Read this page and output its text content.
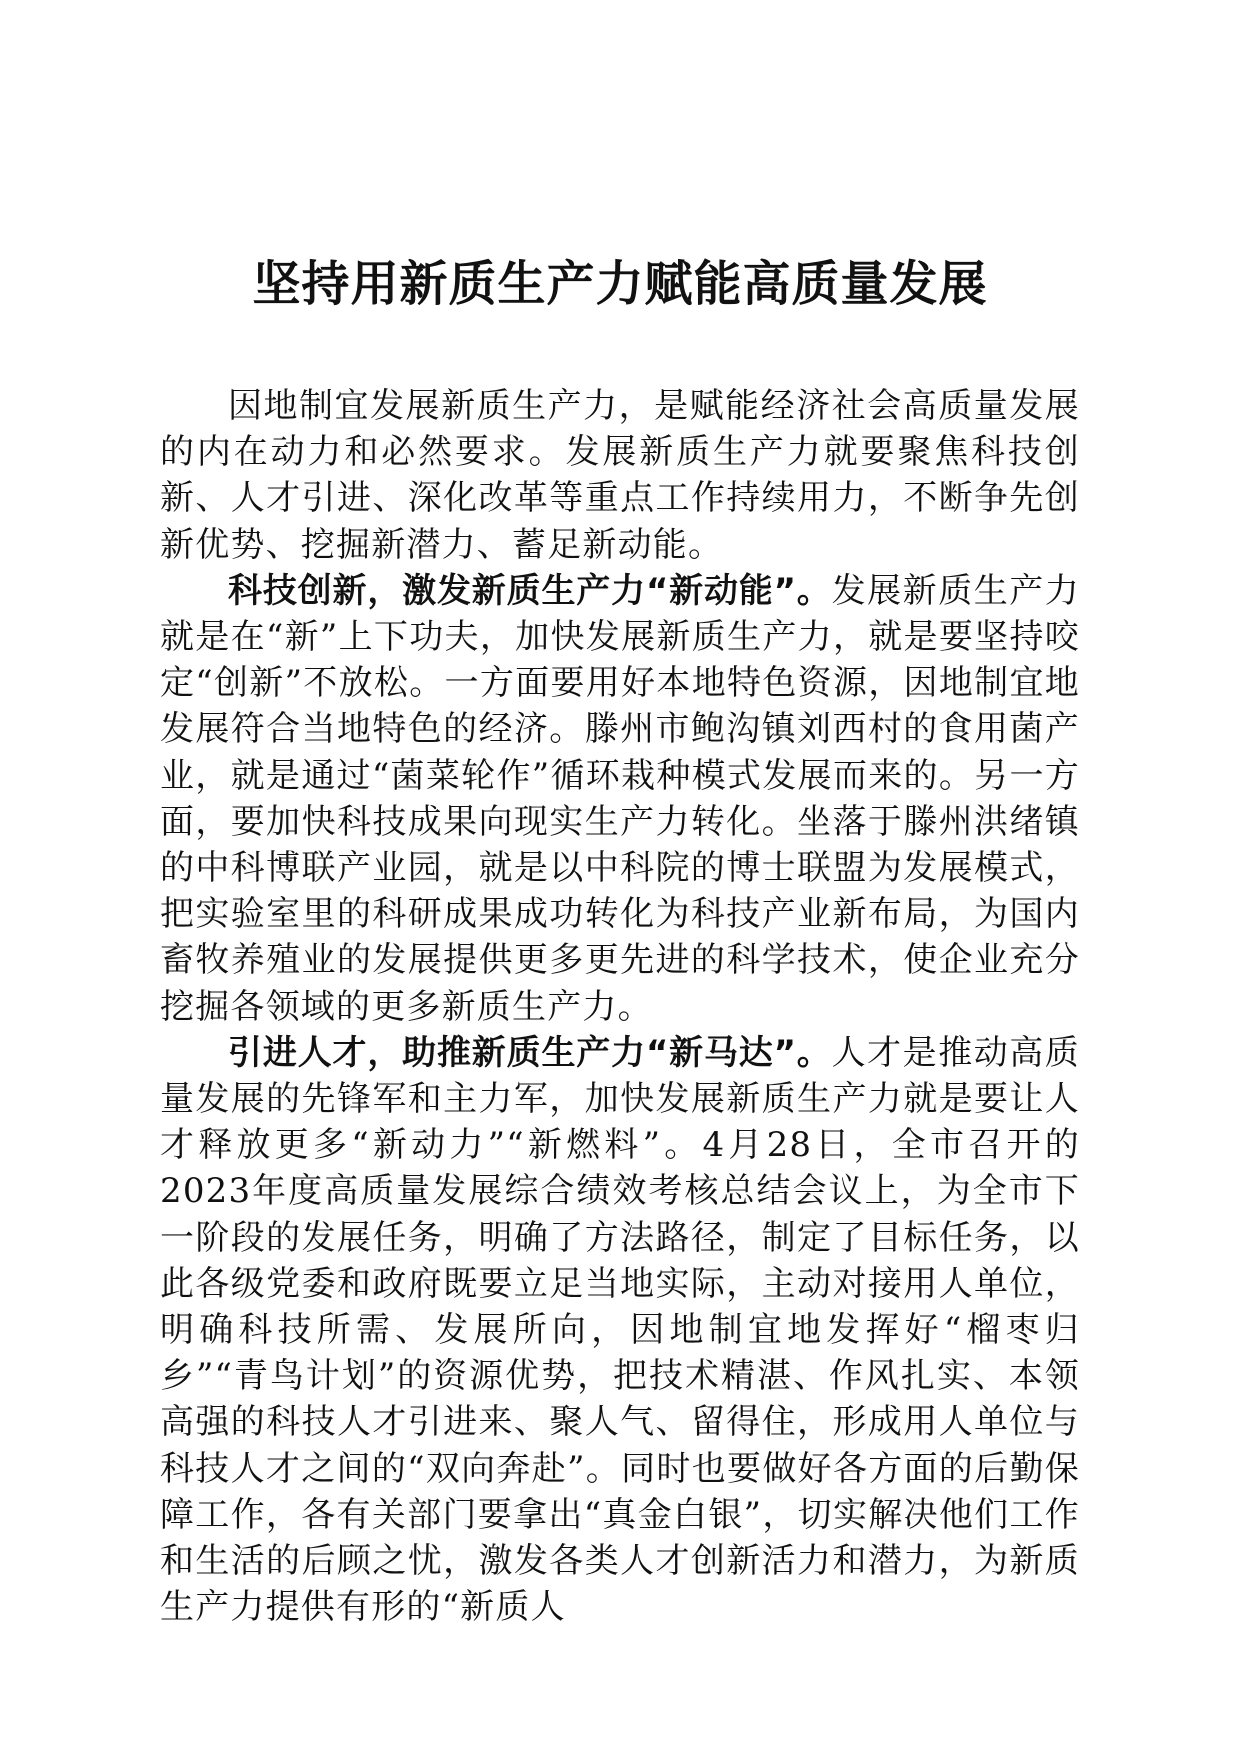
坚持用新质生产力赋能高质量发展

因地制宜发展新质生产力，是赋能经济社会高质量发展的内在动力和必然要求。发展新质生产力就要聚焦科技创新、人才引进、深化改革等重点工作持续用力，不断争先创新优势、挖掘新潜力、蓄足新动能。

科技创新，激发新质生产力“新动能”。发展新质生产力就是在“新”上下功夫，加快发展新质生产力，就是要坚持咬定“创新”不放松。一方面要用好本地特色资源，因地制宜地发展符合当地特色的经济。滕州市鲍沟镇刘西村的食用菌产业，就是通过“菌菜轮作”循环栽种模式发展而来的。另一方面，要加快科技成果向现实生产力转化。坐落于滕州洪绪镇的中科博联产业园，就是以中科院的博士联盟为发展模式，把实验室里的科研成果成功转化为科技产业新布局，为国内畜牧养殖业的发展提供更多更先进的科学技术，使企业充分挖掘各领域的更多新质生产力。

引进人才，助推新质生产力“新马达”。人才是推动高质量发展的先锋军和主力军，加快发展新质生产力就是要让人才释放更多“新动力”“新燃料”。4月28日，全市召开的2023年度高质量发展综合绩效考核总结会议上，为全市下一阶段的发展任务，明确了方法路径，制定了目标任务，以此各级党委和政府既要立足当地实际，主动对接用人单位，明确科技所需、发展所向，因地制宜地发挥好“榴枣归乡”“青鸟计划”的资源优势，把技术精湛、作风扎实、本领高强的科技人才引进来、聚人气、留得住，形成用人单位与科技人才之间的“双向奔赴”。同时也要做好各方面的后勤保障工作，各有关部门要拿出“真金白银”，切实解决他们工作和生活的后顾之忧，激发各类人才创新活力和潜力，为新质生产力提供有形的“新质人
